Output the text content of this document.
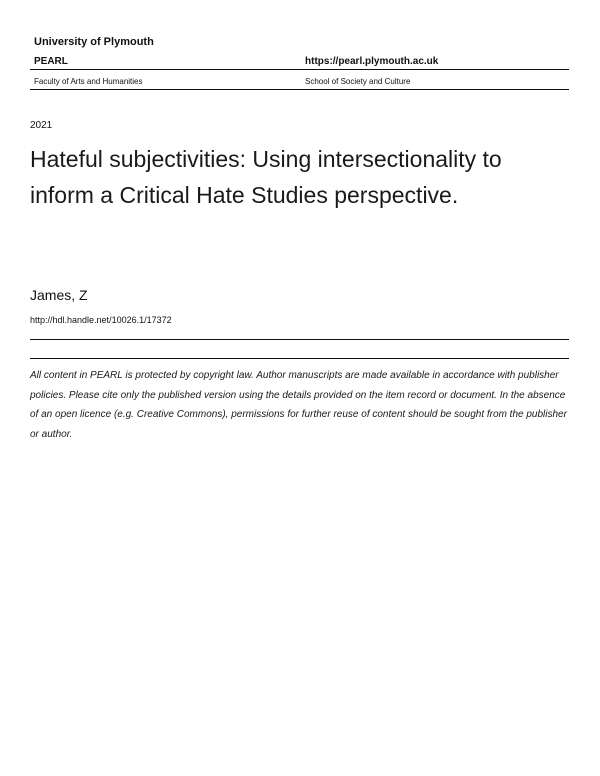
University of Plymouth
PEARL	https://pearl.plymouth.ac.uk
Faculty of Arts and Humanities	School of Society and Culture
2021
Hateful subjectivities: Using intersectionality to inform a Critical Hate Studies perspective.
James, Z
http://hdl.handle.net/10026.1/17372
All content in PEARL is protected by copyright law. Author manuscripts are made available in accordance with publisher policies. Please cite only the published version using the details provided on the item record or document. In the absence of an open licence (e.g. Creative Commons), permissions for further reuse of content should be sought from the publisher or author.
